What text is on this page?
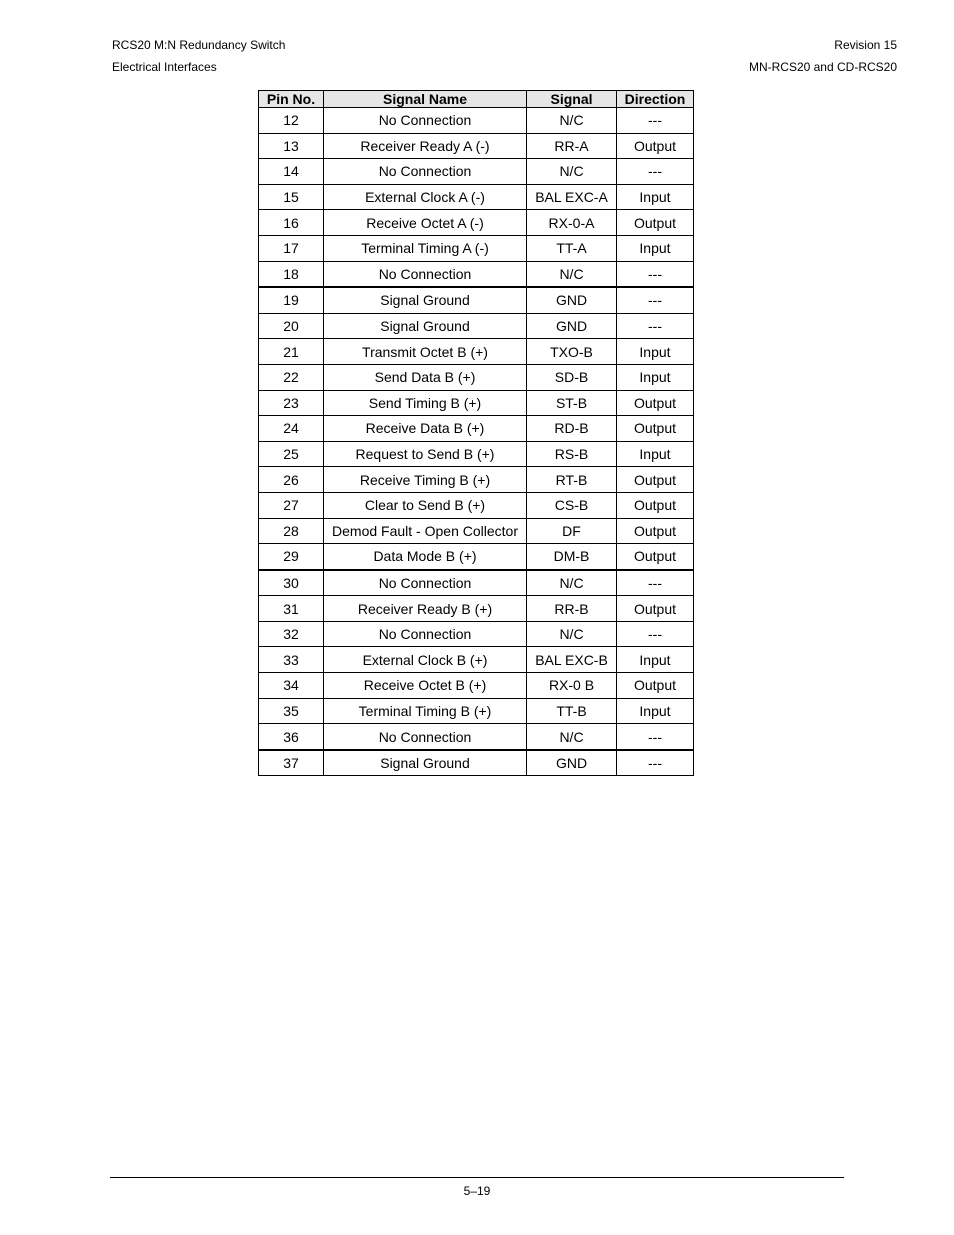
RCS20 M:N Redundancy Switch
Electrical Interfaces
Revision 15
MN-RCS20 and CD-RCS20
Pin No.	Signal Name	Signal	Direction
12	No Connection	N/C	---
13	Receiver Ready A (-)	RR-A	Output
14	No Connection	N/C	---
15	External Clock A (-)	BAL EXC-A	Input
16	Receive Octet A (-)	RX-0-A	Output
17	Terminal Timing A (-)	TT-A	Input
18	No Connection	N/C	---
19	Signal Ground	GND	---
20	Signal Ground	GND	---
21	Transmit Octet B (+)	TXO-B	Input
22	Send Data B (+)	SD-B	Input
23	Send Timing B (+)	ST-B	Output
24	Receive Data B (+)	RD-B	Output
25	Request to Send B (+)	RS-B	Input
26	Receive Timing B (+)	RT-B	Output
27	Clear to Send B (+)	CS-B	Output
28	Demod Fault - Open Collector	DF	Output
29	Data Mode B (+)	DM-B	Output
30	No Connection	N/C	---
31	Receiver Ready B (+)	RR-B	Output
32	No Connection	N/C	---
33	External Clock B (+)	BAL EXC-B	Input
34	Receive Octet B (+)	RX-0 B	Output
35	Terminal Timing B (+)	TT-B	Input
36	No Connection	N/C	---
37	Signal Ground	GND	---
5–19
